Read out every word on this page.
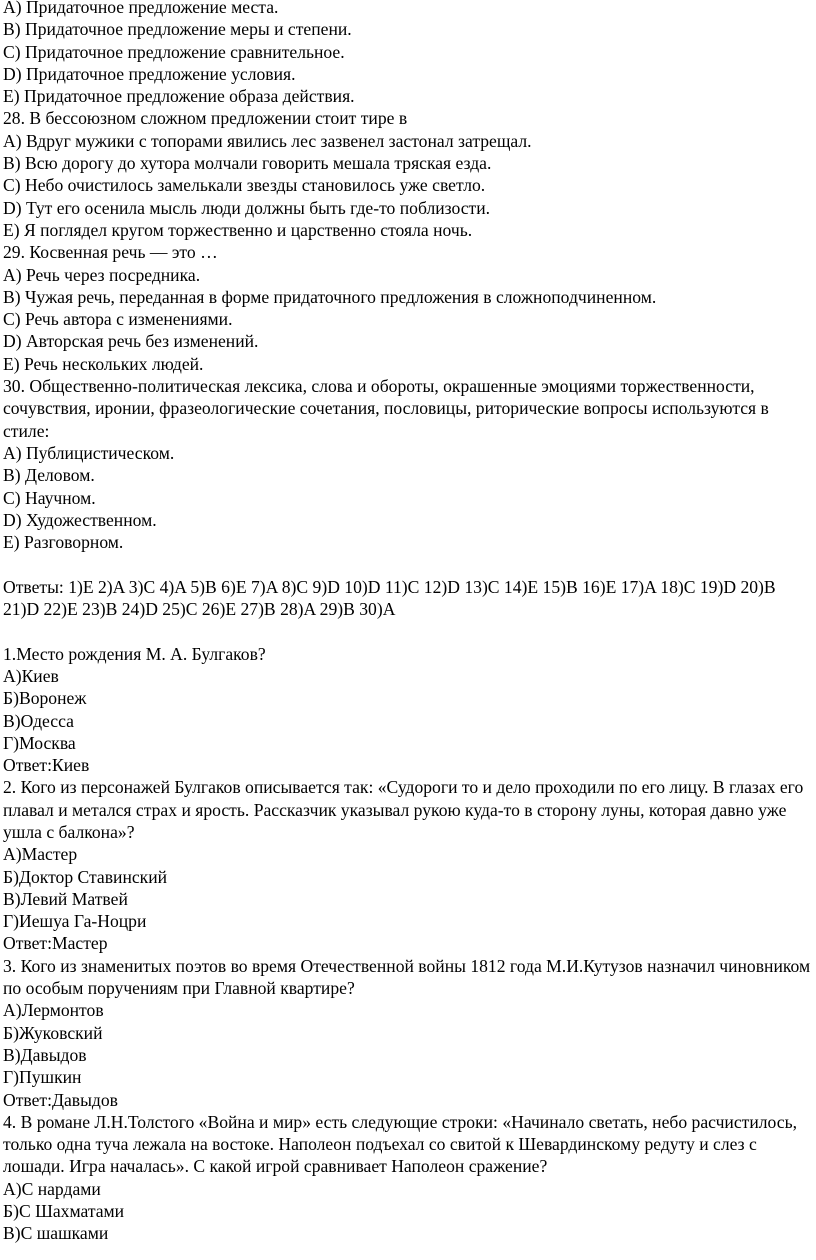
A) Придаточное предложение места.
B) Придаточное предложение меры и степени.
C) Придаточное предложение сравнительное.
D) Придаточное предложение условия.
E) Придаточное предложение образа действия.
28. В бессоюзном сложном предложении стоит тире в
A) Вдруг мужики с топорами явились лес зазвенел застонал затрещал.
B) Всю дорогу до хутора молчали говорить мешала тряская езда.
C) Небо очистилось замелькали звезды становилось уже светло.
D) Тут его осенила мысль люди должны быть где-то поблизости.
E) Я поглядел кругом торжественно и царственно стояла ночь.
29. Косвенная речь — это …
A) Речь через посредника.
B) Чужая речь, переданная в форме придаточного предложения в сложноподчиненном.
C) Речь автора с изменениями.
D) Авторская речь без изменений.
E) Речь нескольких людей.
30. Общественно-политическая лексика, слова и обороты, окрашенные эмоциями торжественности, сочувствия, иронии, фразеологические сочетания, пословицы, риторические вопросы используются в стиле:
A) Публицистическом.
B) Деловом.
C) Научном.
D) Художественном.
E) Разговорном.
Ответы: 1)E 2)A 3)C 4)A 5)B 6)E 7)A 8)C 9)D 10)D 11)C 12)D 13)C 14)E 15)B 16)E 17)A 18)C 19)D 20)B 21)D 22)E 23)B 24)D 25)C 26)E 27)B 28)A 29)B 30)A
1.Место рождения М. А. Булгаков?
А)Киев
Б)Воронеж
В)Одесса
Г)Москва
Ответ:Киев
2. Кого из персонажей Булгаков описывается так: «Судороги то и дело проходили по его лицу. В глазах его плавал и метался страх и ярость. Рассказчик указывал рукою куда-то в сторону луны, которая давно уже ушла с балкона»?
А)Мастер
Б)Доктор Ставинский
В)Левий Матвей
Г)Иешуа Га-Ноцри
Ответ:Мастер
3. Кого из знаменитых поэтов во время Отечественной войны 1812 года М.И.Кутузов назначил чиновником по особым поручениям при Главной квартире?
А)Лермонтов
Б)Жуковский
В)Давыдов
Г)Пушкин
Ответ:Давыдов
4. В романе Л.Н.Толстого «Война и мир» есть следующие строки: «Начинало светать, небо расчистилось, только одна туча лежала на востоке. Наполеон подъехал со свитой к Шевардинскому редуту и слез с лошади. Игра началась». С какой игрой сравнивает Наполеон сражение?
А)С нардами
Б)С Шахматами
В)С шашками
